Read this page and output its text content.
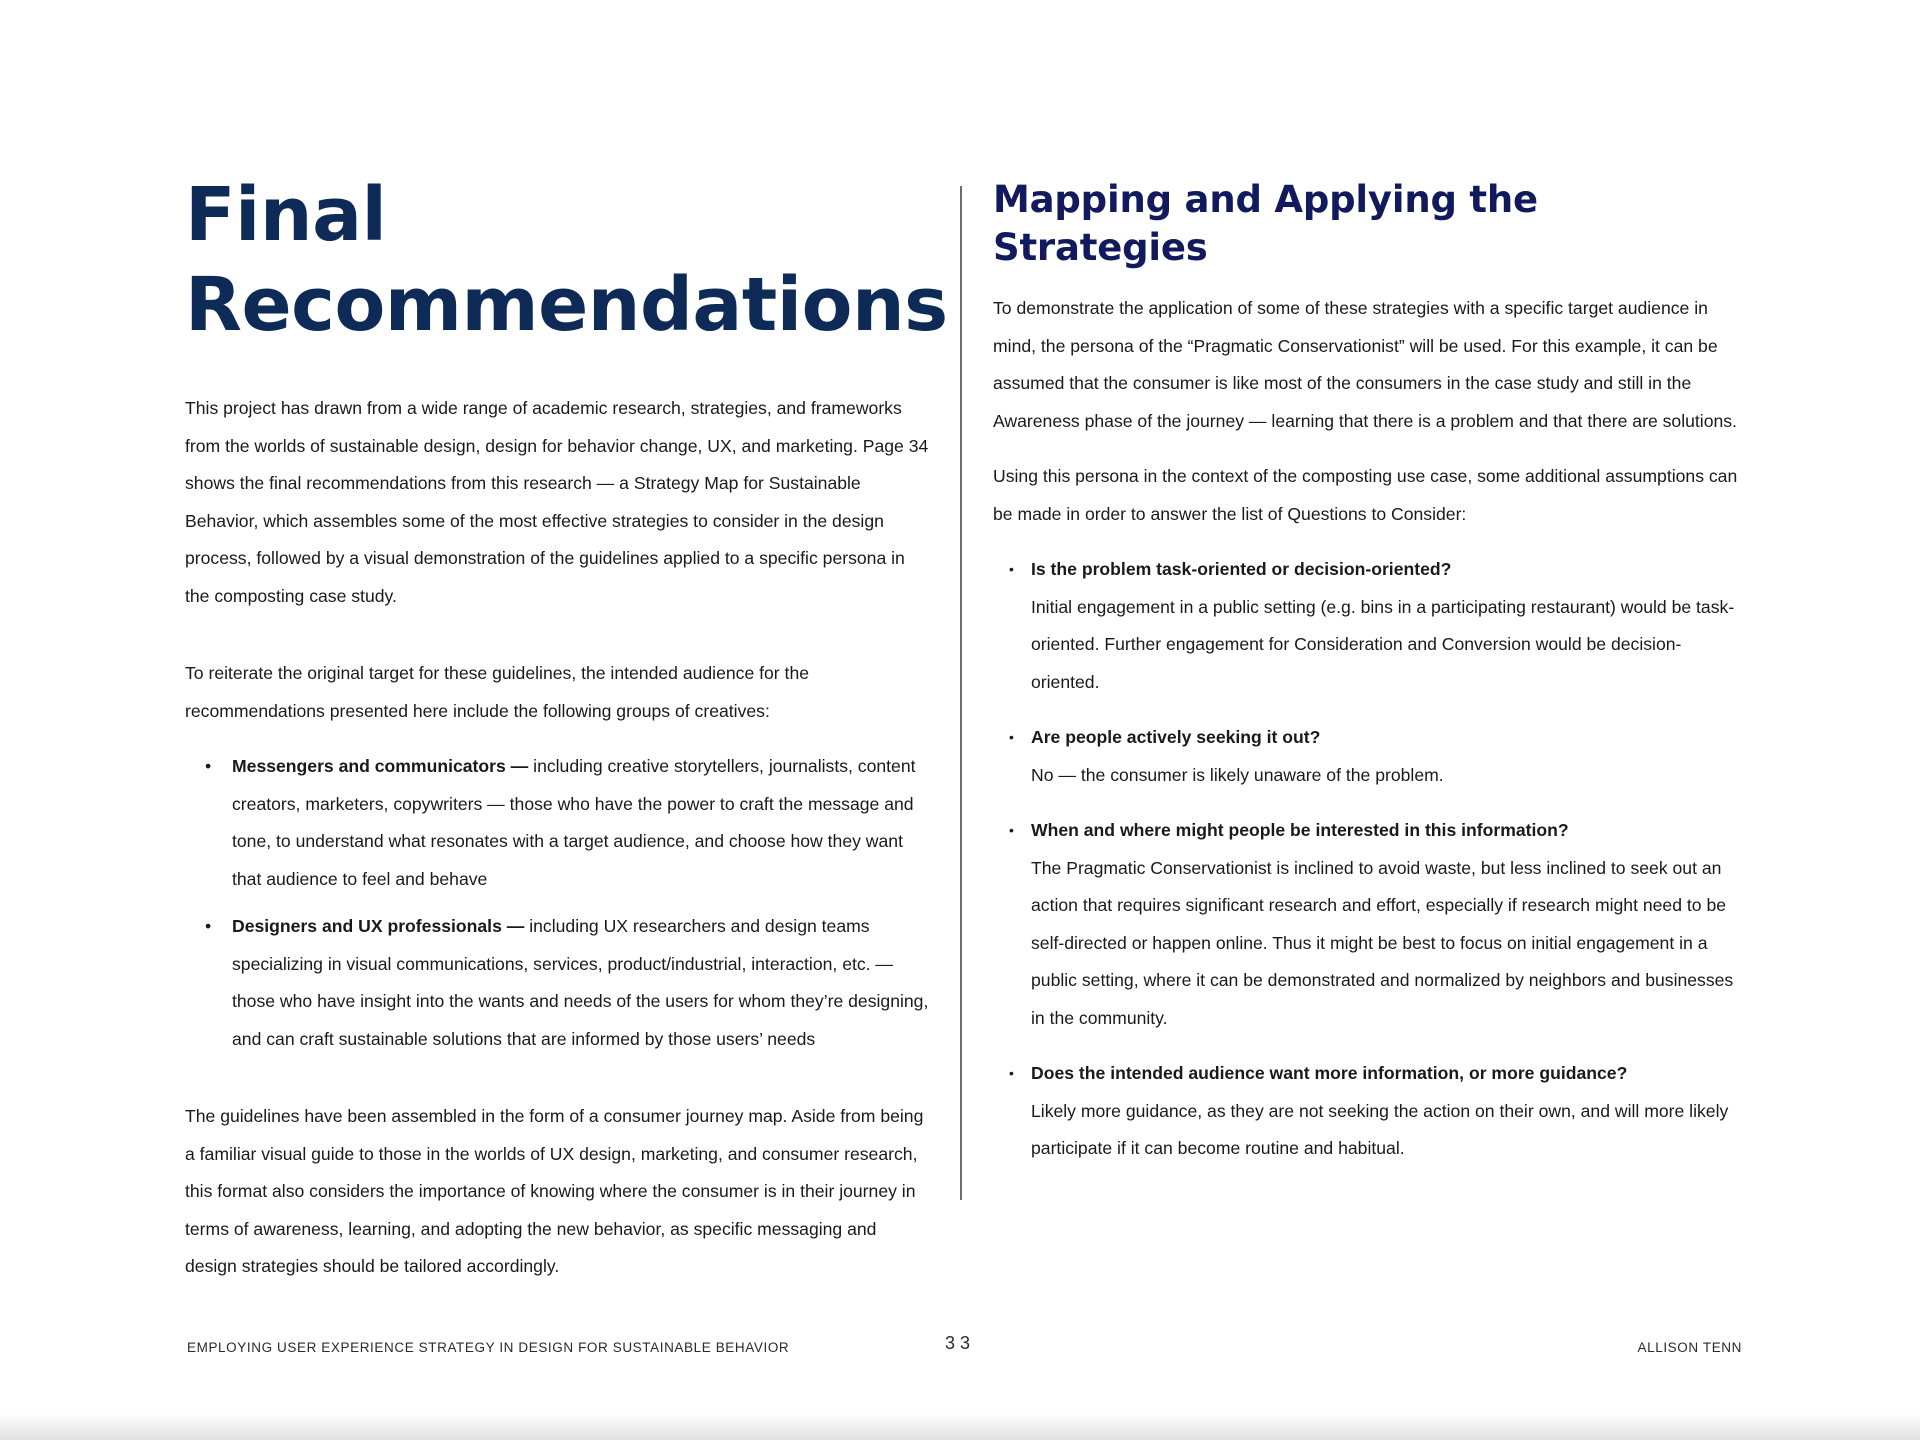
Final
Recommendations

This project has drawn from a wide range of academic research, strategies, and frameworks from the worlds of sustainable design, design for behavior change, UX, and marketing. Page 34 shows the final recommendations from this research — a Strategy Map for Sustainable Behavior, which assembles some of the most effective strategies to consider in the design process, followed by a visual demonstration of the guidelines applied to a specific persona in the composting case study.

To reiterate the original target for these guidelines, the intended audience for the recommendations presented here include the following groups of creatives:

• Messengers and communicators — including creative storytellers, journalists, content creators, marketers, copywriters — those who have the power to craft the message and tone, to understand what resonates with a target audience, and choose how they want that audience to feel and behave
• Designers and UX professionals — including UX researchers and design teams specializing in visual communications, services, product/industrial, interaction, etc. — those who have insight into the wants and needs of the users for whom they’re designing, and can craft sustainable solutions that are informed by those users’ needs

The guidelines have been assembled in the form of a consumer journey map. Aside from being a familiar visual guide to those in the worlds of UX design, marketing, and consumer research, this format also considers the importance of knowing where the consumer is in their journey in terms of awareness, learning, and adopting the new behavior, as specific messaging and design strategies should be tailored accordingly.

Mapping and Applying the Strategies

To demonstrate the application of some of these strategies with a specific target audience in mind, the persona of the “Pragmatic Conservationist” will be used. For this example, it can be assumed that the consumer is like most of the consumers in the case study and still in the Awareness phase of the journey — learning that there is a problem and that there are solutions.

Using this persona in the context of the composting use case, some additional assumptions can be made in order to answer the list of Questions to Consider:

• Is the problem task-oriented or decision-oriented?
Initial engagement in a public setting (e.g. bins in a participating restaurant) would be task-oriented. Further engagement for Consideration and Conversion would be decision-oriented.
• Are people actively seeking it out?
No — the consumer is likely unaware of the problem.
• When and where might people be interested in this information?
The Pragmatic Conservationist is inclined to avoid waste, but less inclined to seek out an action that requires significant research and effort, especially if research might need to be self-directed or happen online. Thus it might be best to focus on initial engagement in a public setting, where it can be demonstrated and normalized by neighbors and businesses in the community.
• Does the intended audience want more information, or more guidance?
Likely more guidance, as they are not seeking the action on their own, and will more likely participate if it can become routine and habitual.
EMPLOYING USER EXPERIENCE STRATEGY IN DESIGN FOR SUSTAINABLE BEHAVIOR	33	ALLISON TENN
